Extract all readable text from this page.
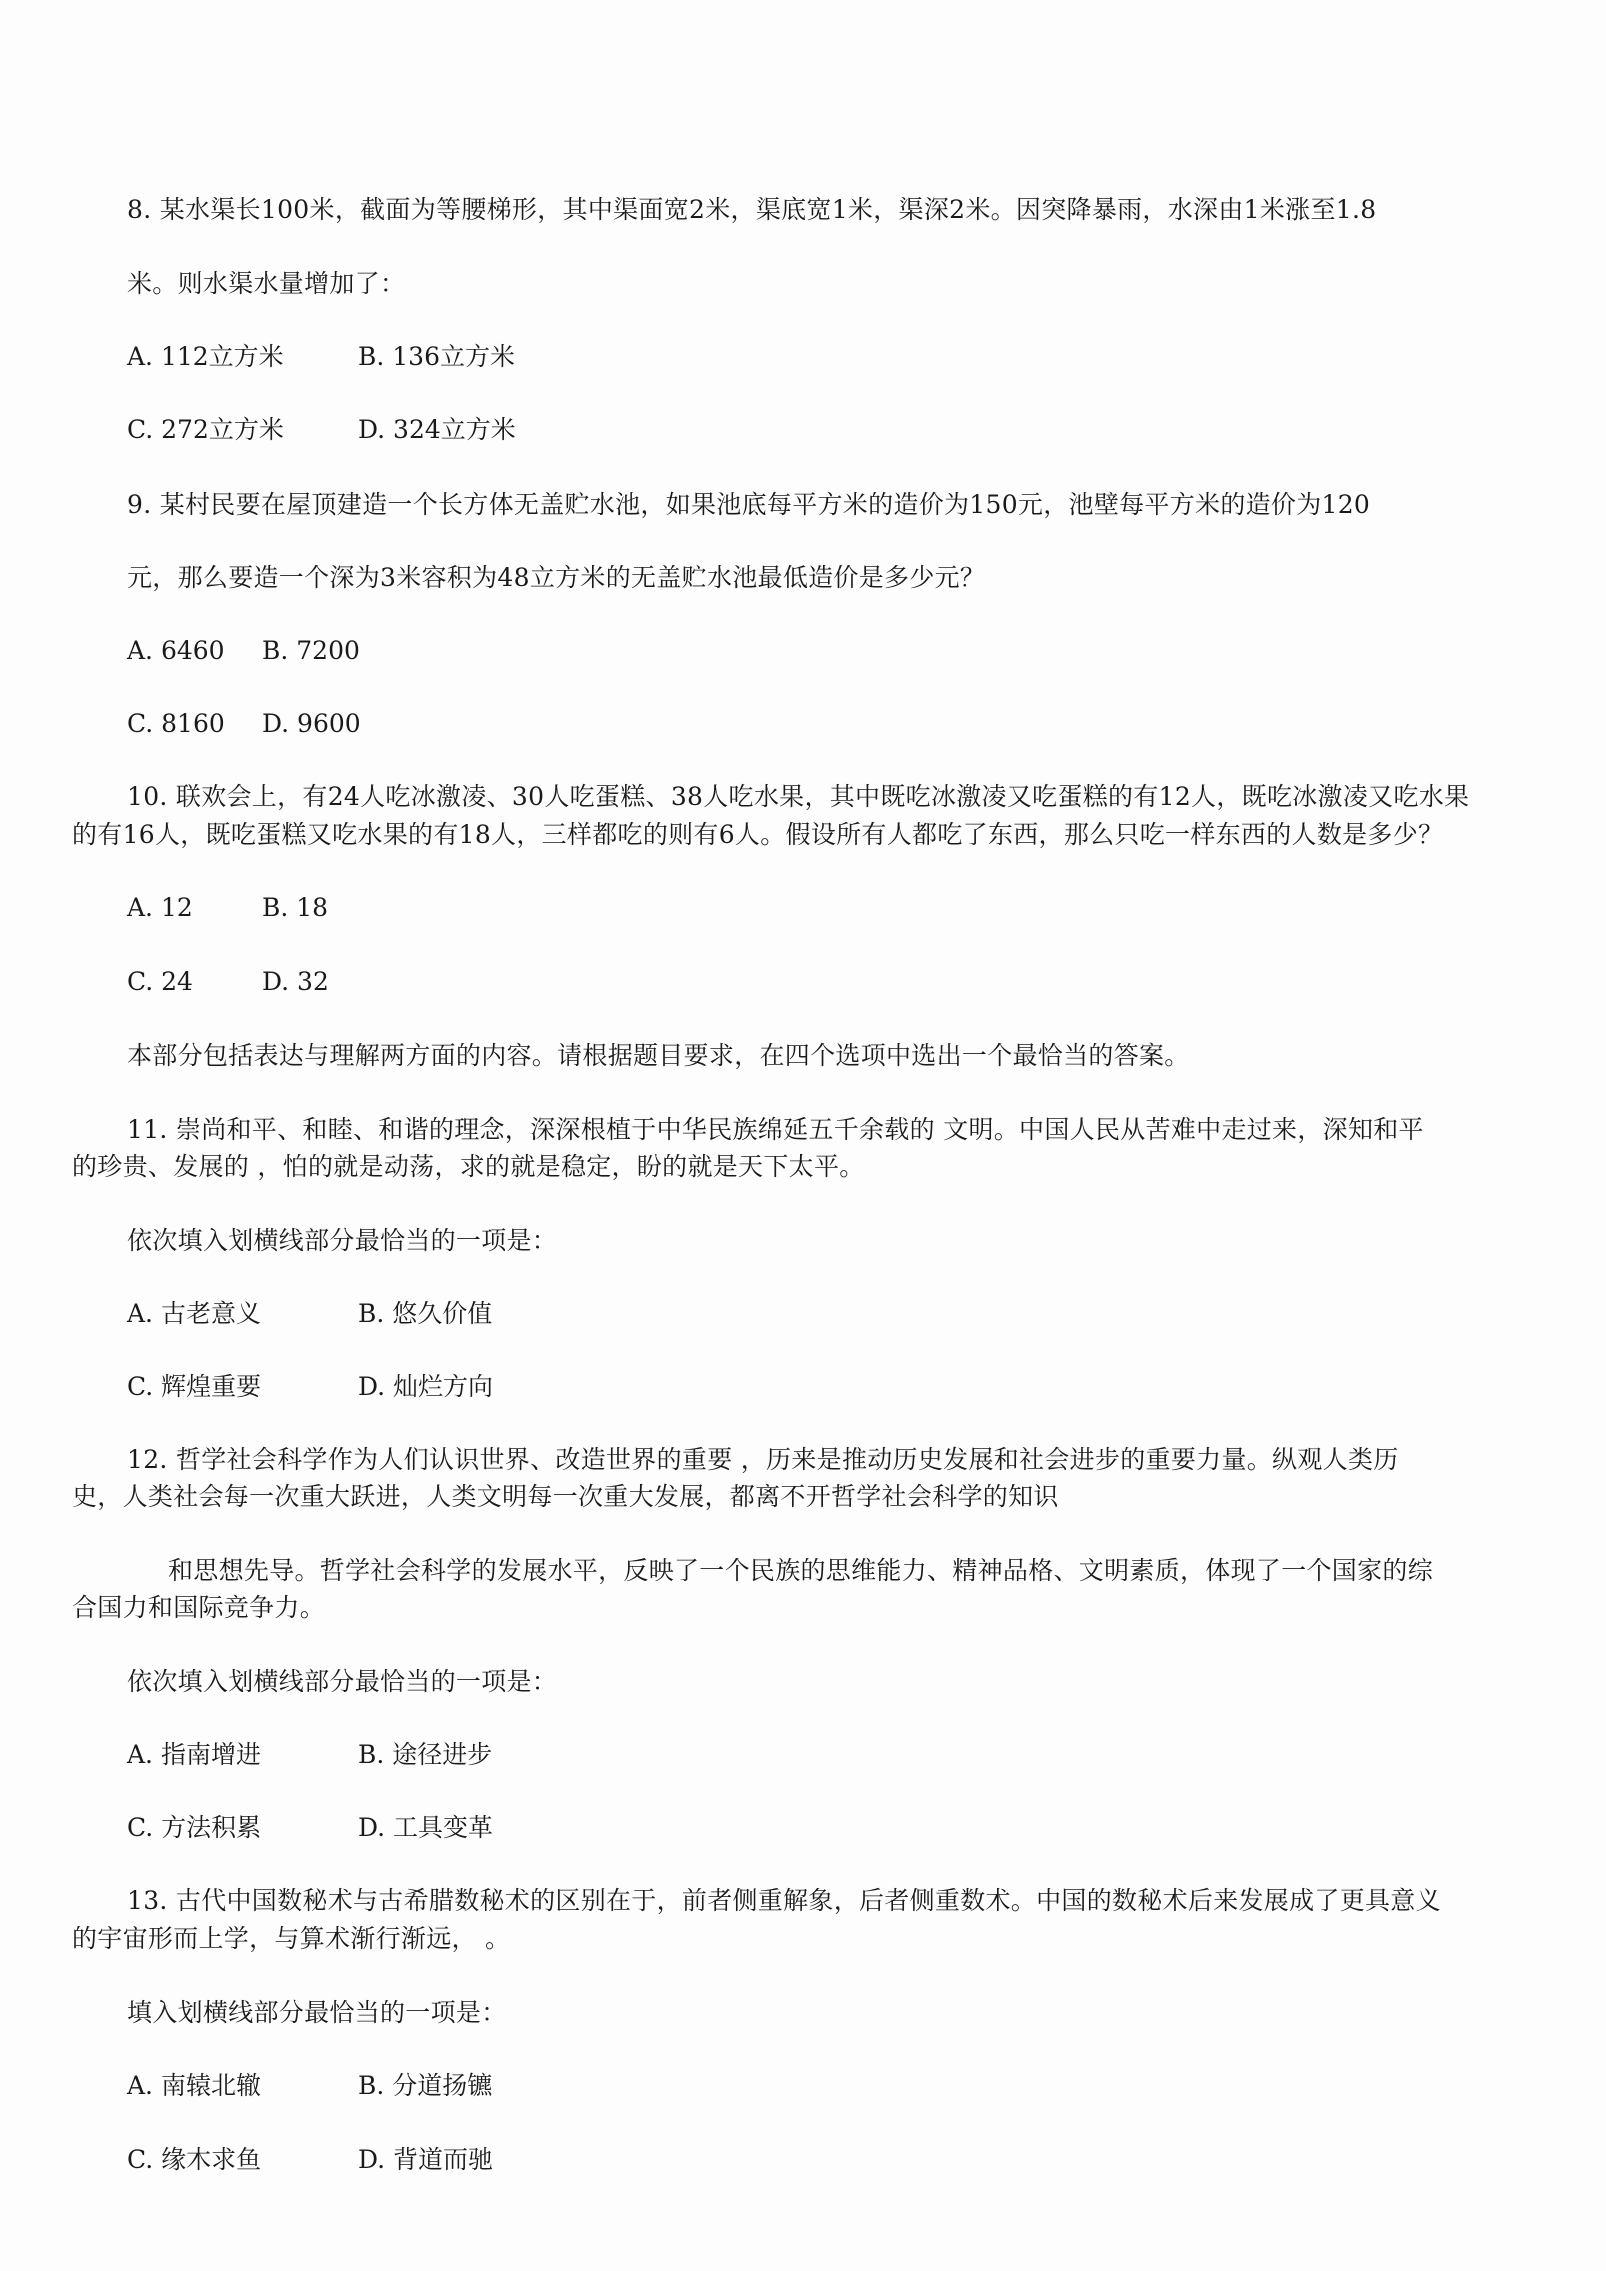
8. 某水渠长100米，截面为等腰梯形，其中渠面宽2米，渠底宽1米，渠深2米。因突降暴雨，水深由1米涨至1.8
米。则水渠水量增加了：
A. 112立方米	B. 136立方米
C. 272立方米	D. 324立方米
9. 某村民要在屋顶建造一个长方体无盖贮水池，如果池底每平方米的造价为150元，池壁每平方米的造价为120
元，那么要造一个深为3米容积为48立方米的无盖贮水池最低造价是多少元？
A. 6460 B. 7200
C. 8160 D. 9600
10. 联欢会上，有24人吃冰激凌、30人吃蛋糕、38人吃水果，其中既吃冰激凌又吃蛋糕的有12人，既吃冰激凌又吃水果
的有16人，既吃蛋糕又吃水果的有18人，三样都吃的则有6人。假设所有人都吃了东西，那么只吃一样东西的人数是多少？
A. 12	B. 18
C. 24	D. 32
本部分包括表达与理解两方面的内容。请根据题目要求，在四个选项中选出一个最恰当的答案。
11. 崇尚和平、和睦、和谐的理念，深深根植于中华民族绵延五千余载的 文明。中国人民从苦难中走过来，深知和平
的珍贵、发展的 ，怕的就是动荡，求的就是稳定，盼的就是天下太平。
依次填入划横线部分最恰当的一项是：
A. 古老意义	B. 悠久价值
C. 辉煌重要	D. 灿烂方向
12. 哲学社会科学作为人们认识世界、改造世界的重要 ，历来是推动历史发展和社会进步的重要力量。纵观人类历
史，人类社会每一次重大跃进，人类文明每一次重大发展，都离不开哲学社会科学的知识
和思想先导。哲学社会科学的发展水平，反映了一个民族的思维能力、精神品格、文明素质，体现了一个国家的综
合国力和国际竞争力。
依次填入划横线部分最恰当的一项是：
A. 指南增进	B. 途径进步
C. 方法积累	D. 工具变革
13. 古代中国数秘术与古希腊数秘术的区别在于，前者侧重解象，后者侧重数术。中国的数秘术后来发展成了更具意义
的宇宙形而上学，与算术渐行渐远， 。
填入划横线部分最恰当的一项是：
A. 南辕北辙	B. 分道扬镳
C. 缘木求鱼	D. 背道而驰
